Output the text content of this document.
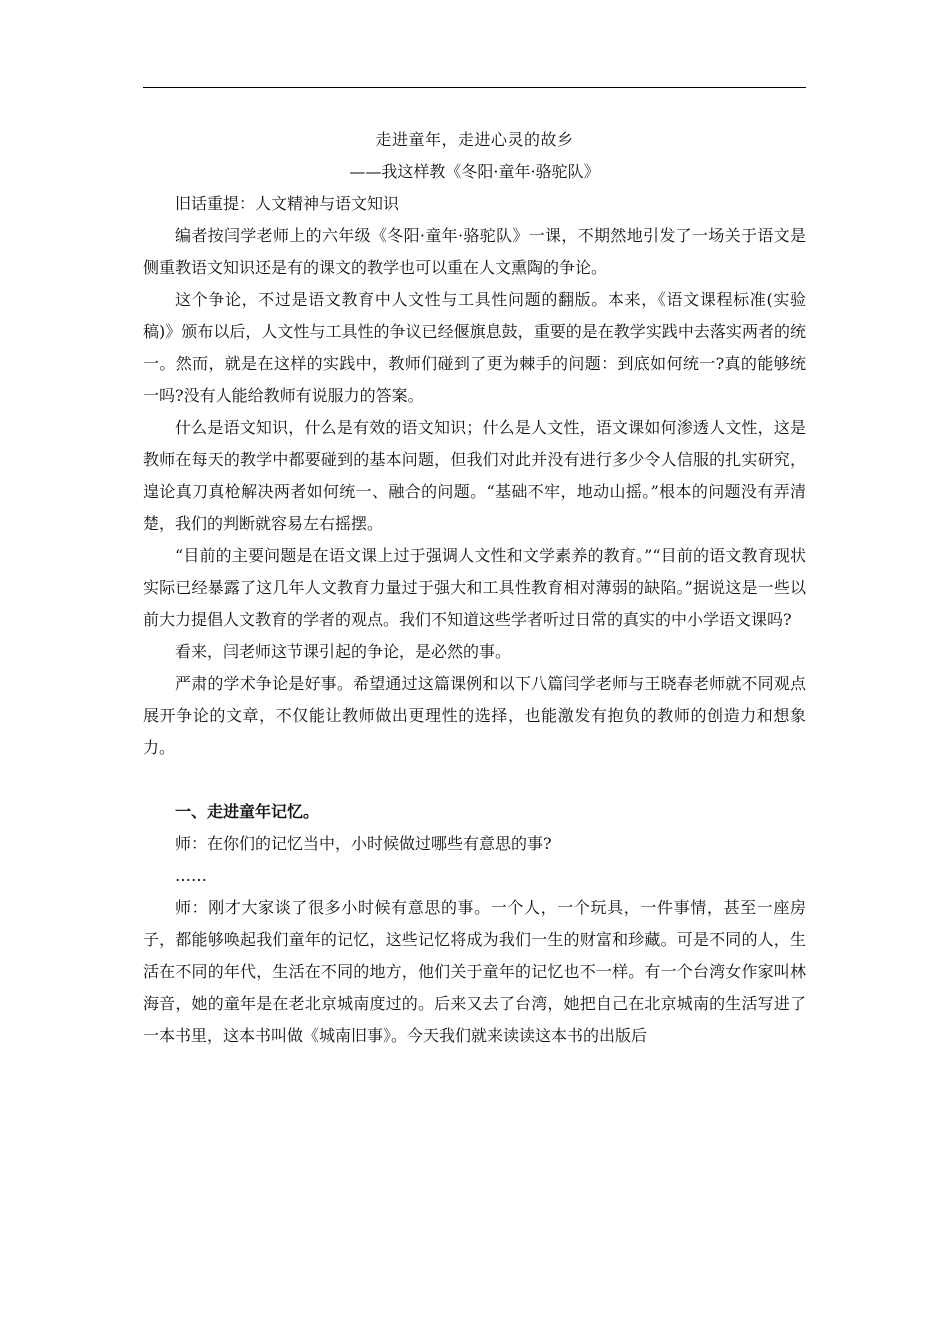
走进童年，走进心灵的故乡

——我这样教《冬阳·童年·骆驼队》

旧话重提：人文精神与语文知识

编者按闫学老师上的六年级《冬阳·童年·骆驼队》一课，不期然地引发了一场关于语文是侧重教语文知识还是有的课文的教学也可以重在人文熏陶的争论。

这个争论，不过是语文教育中人文性与工具性问题的翻版。本来，《语文课程标准(实验稿)》颁布以后，人文性与工具性的争议已经偃旗息鼓，重要的是在教学实践中去落实两者的统一。然而，就是在这样的实践中，教师们碰到了更为棘手的问题：到底如何统一?真的能够统一吗?没有人能给教师有说服力的答案。

什么是语文知识，什么是有效的语文知识；什么是人文性，语文课如何渗透人文性，这是教师在每天的教学中都要碰到的基本问题，但我们对此并没有进行多少令人信服的扎实研究，遑论真刀真枪解决两者如何统一、融合的问题。“基础不牢，地动山摇。”根本的问题没有弄清楚，我们的判断就容易左右摇摆。

“目前的主要问题是在语文课上过于强调人文性和文学素养的教育。”“目前的语文教育现状实际已经暴露了这几年人文教育力量过于强大和工具性教育相对薄弱的缺陷。”据说这是一些以前大力提倡人文教育的学者的观点。我们不知道这些学者听过日常的真实的中小学语文课吗?

看来，闫老师这节课引起的争论，是必然的事。

严肃的学术争论是好事。希望通过这篇课例和以下八篇闫学老师与王晓春老师就不同观点展开争论的文章，不仅能让教师做出更理性的选择，也能激发有抱负的教师的创造力和想象力。

一、走进童年记忆。

师：在你们的记忆当中，小时候做过哪些有意思的事?

……

师：刚才大家谈了很多小时候有意思的事。一个人，一个玩具，一件事情，甚至一座房子，都能够唤起我们童年的记忆，这些记忆将成为我们一生的财富和珍藏。可是不同的人，生活在不同的年代，生活在不同的地方，他们关于童年的记忆也不一样。有一个台湾女作家叫林海音，她的童年是在老北京城南度过的。后来又去了台湾，她把自己在北京城南的生活写进了一本书里，这本书叫做《城南旧事》。今天我们就来读读这本书的出版后
